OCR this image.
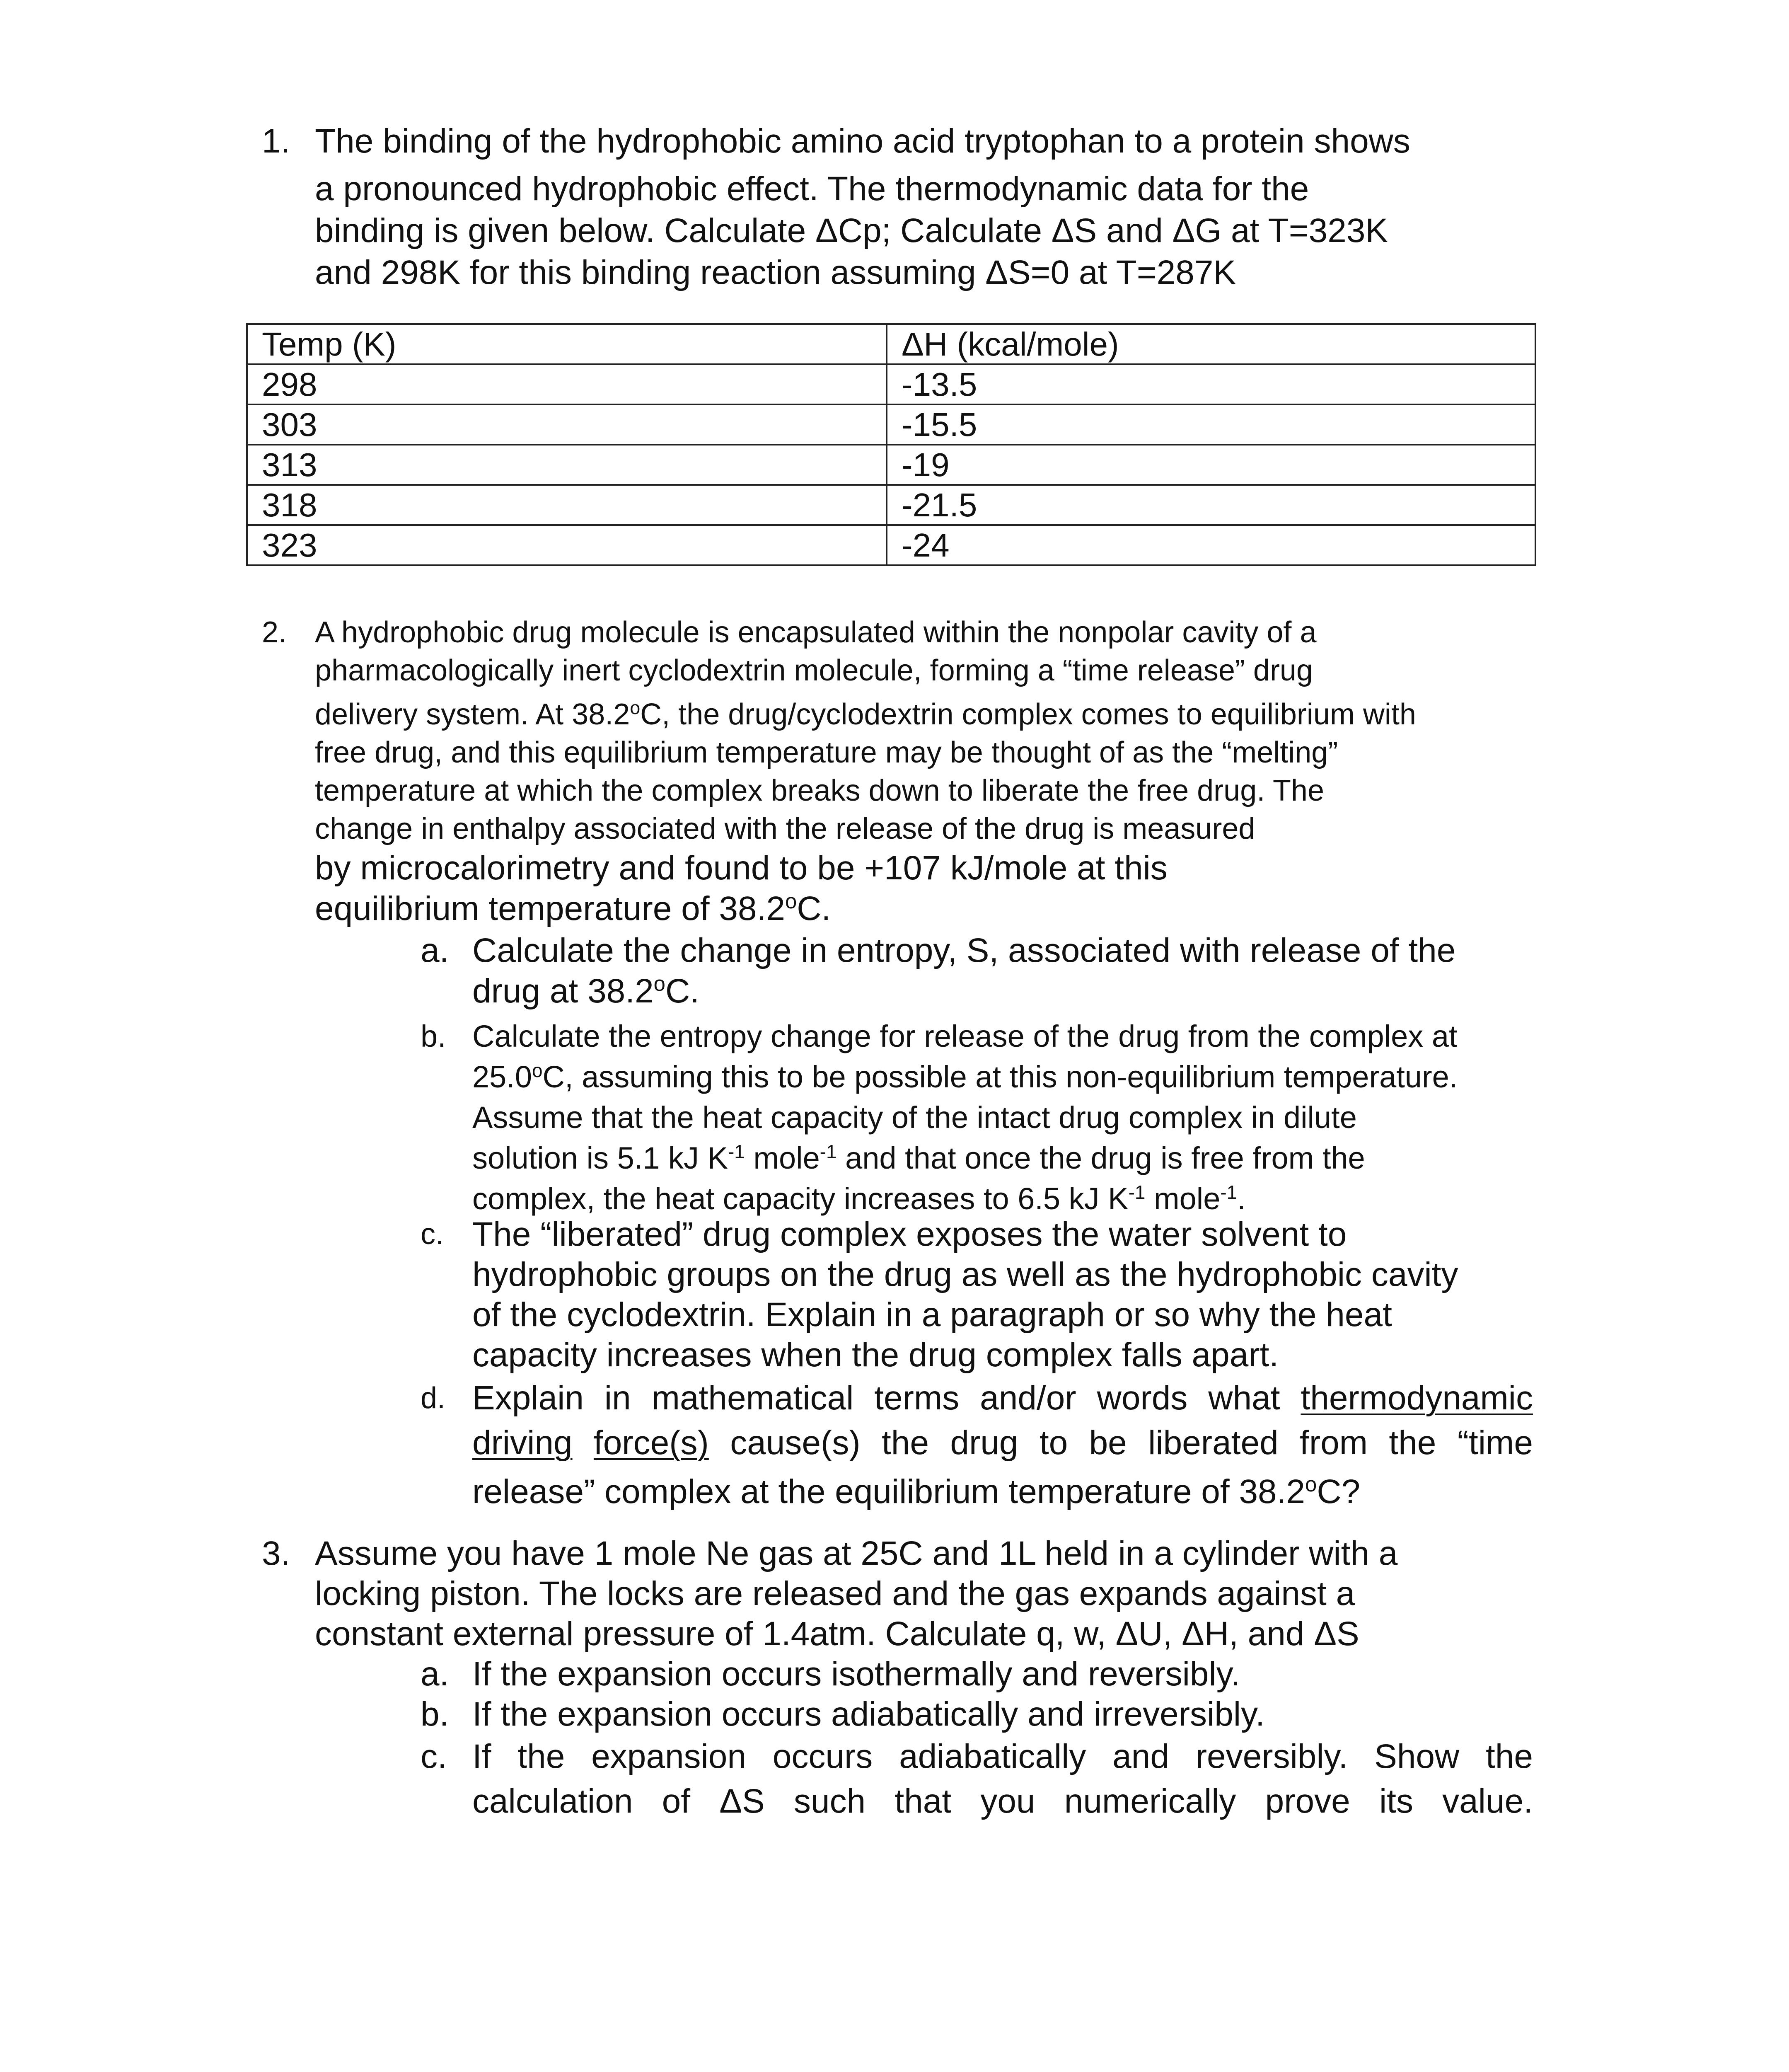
1. The binding of the hydrophobic amino acid tryptophan to a protein shows
a pronounced hydrophobic effect. The thermodynamic data for the
binding is given below. Calculate ΔCp; Calculate ΔS and ΔG at T=323K
and 298K for this binding reaction assuming ΔS=0 at T=287K
Temp (K)	ΔH (kcal/mole)
298	-13.5
303	-15.5
313	-19
318	-21.5
323	-24
2. A hydrophobic drug molecule is encapsulated within the nonpolar cavity of a
pharmacologically inert cyclodextrin molecule, forming a “time release” drug
delivery system. At 38.2$^o$C, the drug/cyclodextrin complex comes to equilibrium with
free drug, and this equilibrium temperature may be thought of as the “melting”
temperature at which the complex breaks down to liberate the free drug. The
change in enthalpy associated with the release of the drug is measured
by microcalorimetry and found to be +107 kJ/mole at this
equilibrium temperature of 38.2$^o$C.
a. Calculate the change in entropy, S, associated with release of the
drug at 38.2$^o$C.
b. Calculate the entropy change for release of the drug from the complex at
25.0$^o$C, assuming this to be possible at this non-equilibrium temperature.
Assume that the heat capacity of the intact drug complex in dilute
solution is 5.1 kJ $K^{-1}$ mole$^{-1}$ and that once the drug is free from the
complex, the heat capacity increases to 6.5 kJ $K^{-1}$ mole$^{-1}$.
c. The “liberated” drug complex exposes the water solvent to
hydrophobic groups on the drug as well as the hydrophobic cavity
of the cyclodextrin. Explain in a paragraph or so why the heat
capacity increases when the drug complex falls apart.
d. Explain in mathematical terms and/or words what thermodynamic
driving force(s) cause(s) the drug to be liberated from the “time
release” complex at the equilibrium temperature of 38.2$^o$C?
3. Assume you have 1 mole Ne gas at 25C and 1L held in a cylinder with a
locking piston. The locks are released and the gas expands against a
constant external pressure of 1.4atm. Calculate q, w, ΔU, ΔH, and ΔS
a. If the expansion occurs isothermally and reversibly.
b. If the expansion occurs adiabatically and irreversibly.
c. If the expansion occurs adiabatically and reversibly. Show the
calculation of ΔS such that you numerically prove its value.
